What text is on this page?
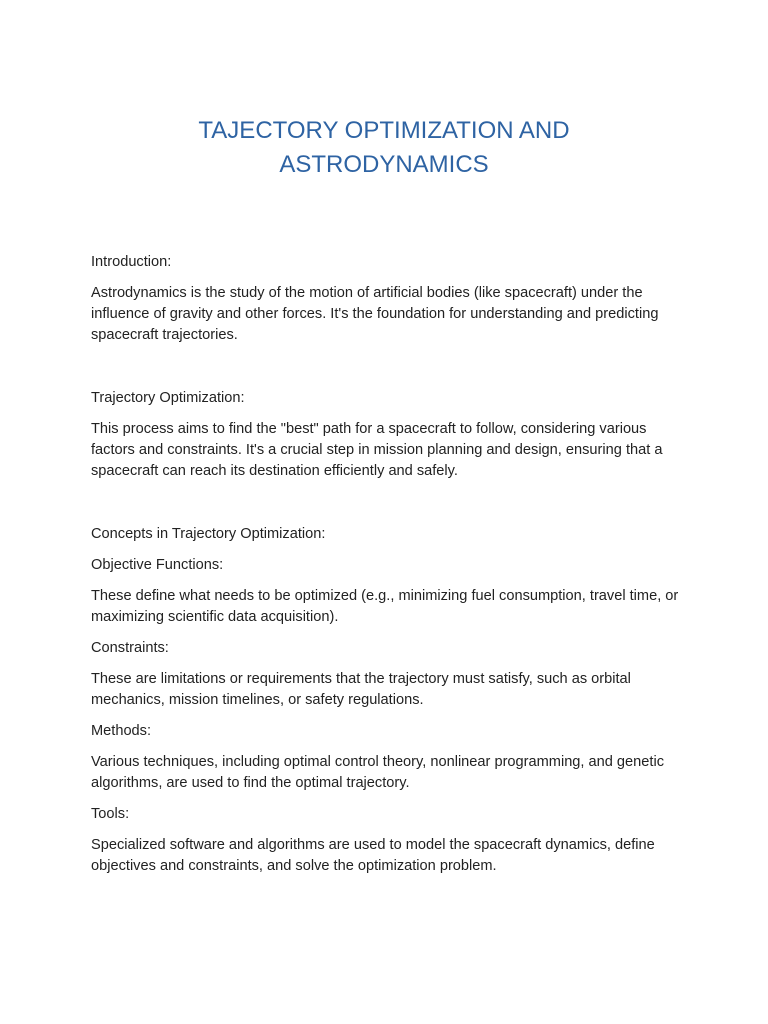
TAJECTORY OPTIMIZATION AND
ASTRODYNAMICS

Introduction:

Astrodynamics is the study of the motion of artificial bodies (like spacecraft) under the influence of gravity and other forces. It's the foundation for understanding and predicting spacecraft trajectories.

Trajectory Optimization:

This process aims to find the "best" path for a spacecraft to follow, considering various factors and constraints. It's a crucial step in mission planning and design, ensuring that a spacecraft can reach its destination efficiently and safely.

Concepts in Trajectory Optimization:

Objective Functions:

These define what needs to be optimized (e.g., minimizing fuel consumption, travel time, or maximizing scientific data acquisition).

Constraints:

These are limitations or requirements that the trajectory must satisfy, such as orbital mechanics, mission timelines, or safety regulations.

Methods:

Various techniques, including optimal control theory, nonlinear programming, and genetic algorithms, are used to find the optimal trajectory.

Tools:

Specialized software and algorithms are used to model the spacecraft dynamics, define objectives and constraints, and solve the optimization problem.
